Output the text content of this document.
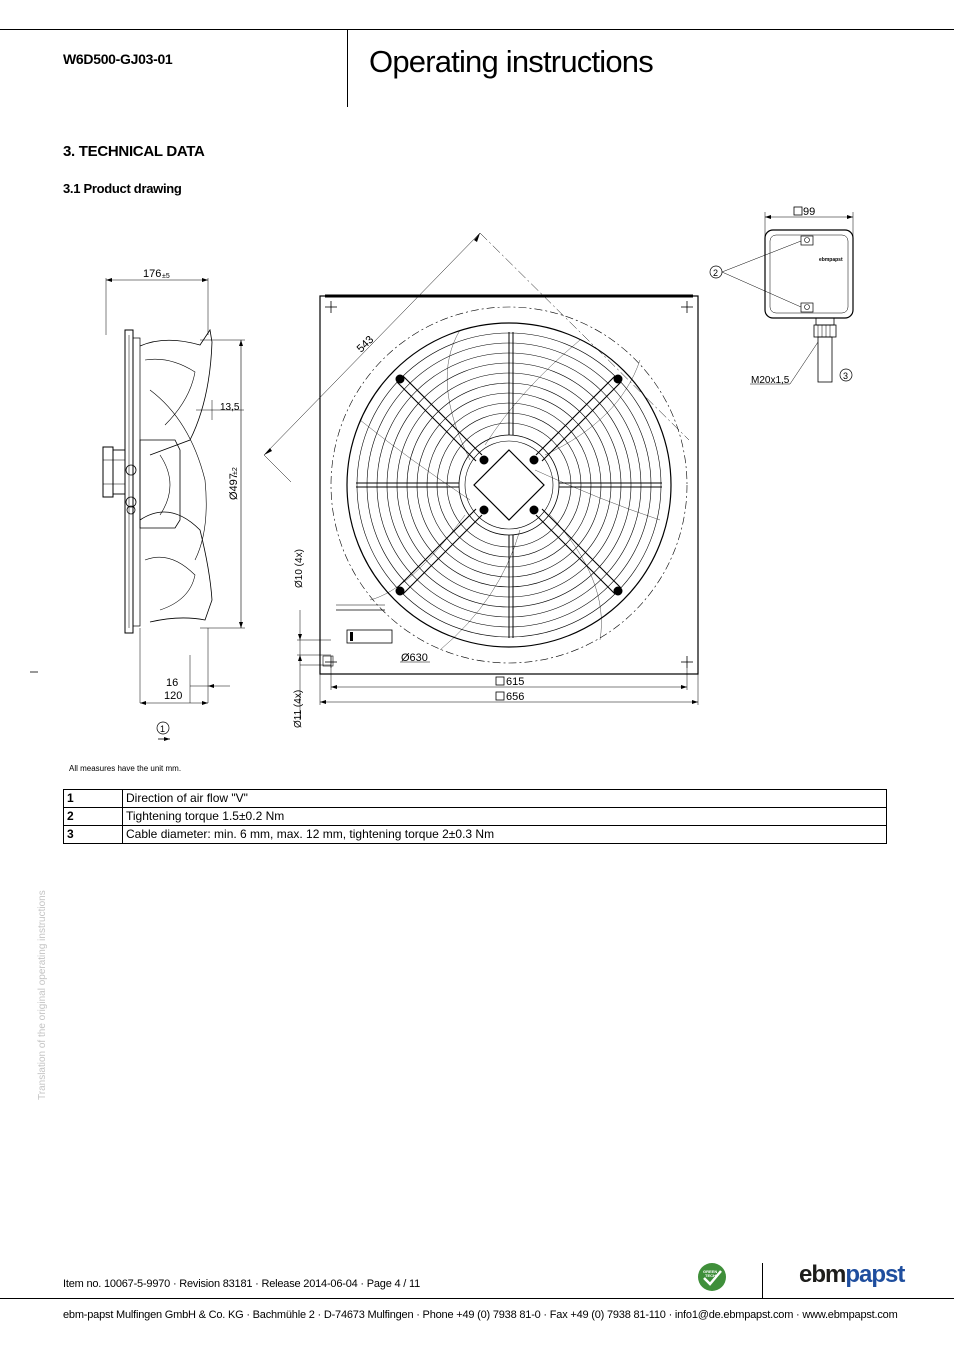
W6D500-GJ03-01	Operating instructions
3. TECHNICAL DATA
3.1 Product drawing
176 ±5
13,5
Ø497
±2
16
120
1
543
Ø10 (4x)
Ø11 (4x)
Ø630
615
656
99
2
3
M20x1,5
ebmpapst
All measures have the unit mm.
1	Direction of air flow "V"
2	Tightening torque 1.5±0.2 Nm
3	Cable diameter: min. 6 mm, max. 12 mm, tightening torque 2±0.3 Nm
Translation of the original operating instructions
Item no. 10067-5-9970 · Revision 83181 · Release 2014-06-04 · Page 4 / 11
GREEN
TECH	ebmpapst
ebm-papst Mulfingen GmbH & Co. KG · Bachmühle 2 · D-74673 Mulfingen · Phone +49 (0) 7938 81-0 · Fax +49 (0) 7938 81-110 · info1@de.ebmpapst.com · www.ebmpapst.com
